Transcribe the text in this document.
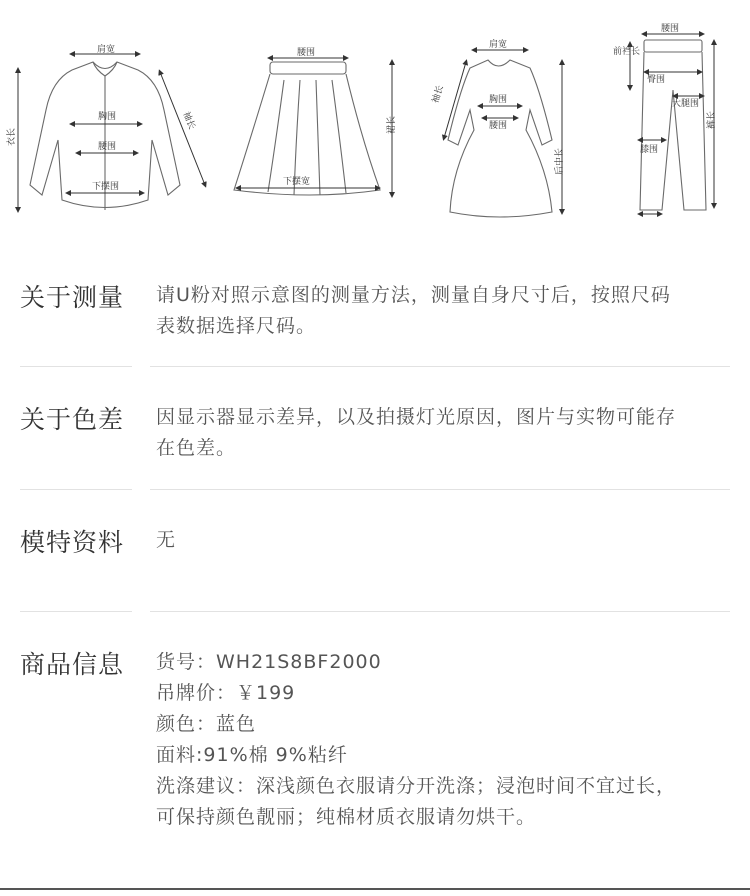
肩宽
衣长
袖长
胸围
腰围
下摆围
腰围
裙长
下摆宽
肩宽
袖长	胸围
腰围
后中长
腰围
前裆长
臀围
大腿围
裤长
膝围
关于测量 请U粉对照示意图的测量方法，测量自身尺寸后，按照尺码
表数据选择尺码。
关于色差 因显示器显示差异，以及拍摄灯光原因，图片与实物可能存
在色差。
模特资料 无
商品信息 货号：WH21S8BF2000
吊牌价：￥199
颜色：蓝色
面料:91%棉 9%粘纤
洗涤建议：深浅颜色衣服请分开洗涤；浸泡时间不宜过长，
可保持颜色靓丽；纯棉材质衣服请勿烘干。
